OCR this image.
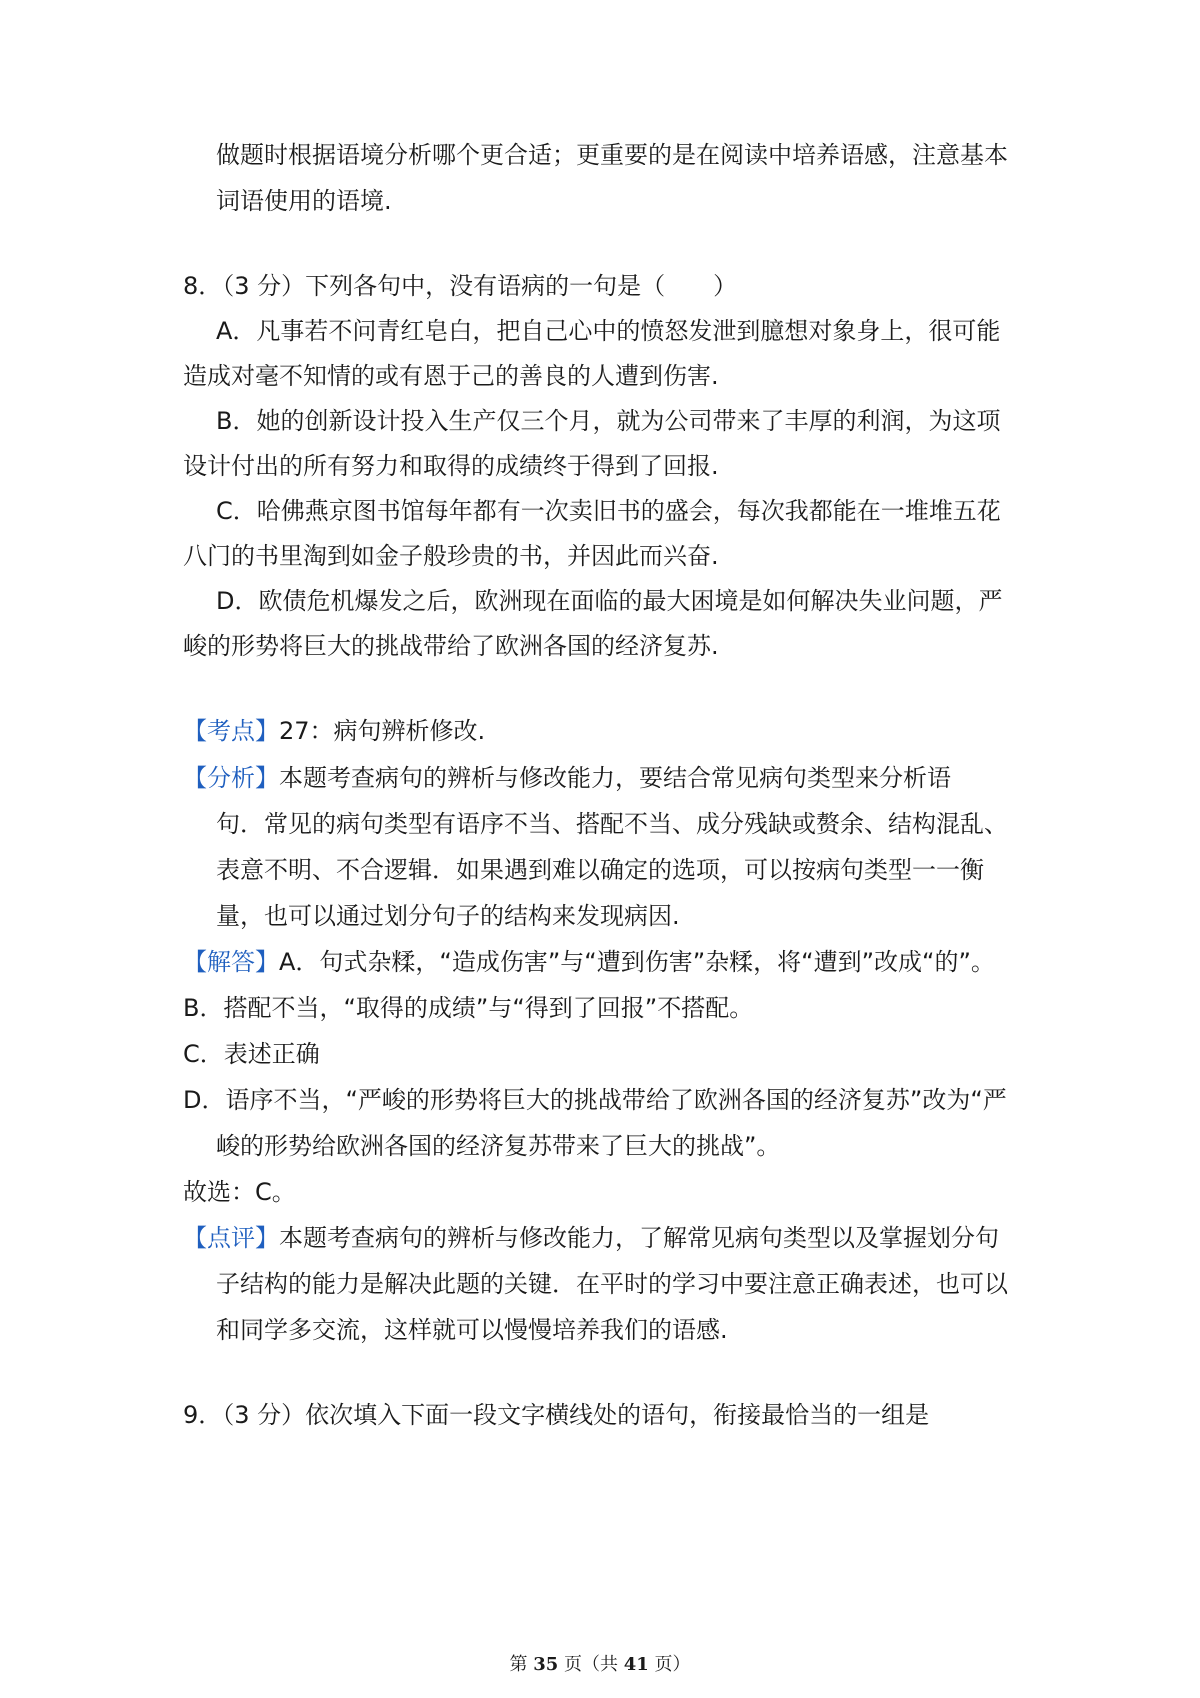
做题时根据语境分析哪个更合适；更重要的是在阅读中培养语感，注意基本
词语使用的语境.
8．（3 分）下列各句中，没有语病的一句是（　　）
A．凡事若不问青红皂白，把自己心中的愤怒发泄到臆想对象身上，很可能
造成对毫不知情的或有恩于己的善良的人遭到伤害.
B．她的创新设计投入生产仅三个月，就为公司带来了丰厚的利润，为这项
设计付出的所有努力和取得的成绩终于得到了回报.
C．哈佛燕京图书馆每年都有一次卖旧书的盛会，每次我都能在一堆堆五花
八门的书里淘到如金子般珍贵的书，并因此而兴奋.
D．欧债危机爆发之后，欧洲现在面临的最大困境是如何解决失业问题，严
峻的形势将巨大的挑战带给了欧洲各国的经济复苏.
【考点】27：病句辨析修改.
【分析】本题考查病句的辨析与修改能力，要结合常见病句类型来分析语
句．常见的病句类型有语序不当、搭配不当、成分残缺或赘余、结构混乱、
表意不明、不合逻辑．如果遇到难以确定的选项，可以按病句类型一一衡
量，也可以通过划分句子的结构来发现病因.
【解答】A．句式杂糅，“造成伤害”与“遭到伤害”杂糅，将“遭到”改成“的”。
B．搭配不当，“取得的成绩”与“得到了回报”不搭配。
C．表述正确
D．语序不当，“严峻的形势将巨大的挑战带给了欧洲各国的经济复苏”改为“严
峻的形势给欧洲各国的经济复苏带来了巨大的挑战”。
故选：C。
【点评】本题考查病句的辨析与修改能力，了解常见病句类型以及掌握划分句
子结构的能力是解决此题的关键．在平时的学习中要注意正确表述，也可以
和同学多交流，这样就可以慢慢培养我们的语感.
9．（3 分）依次填入下面一段文字横线处的语句，衔接最恰当的一组是
第 35 页（共 41 页）
